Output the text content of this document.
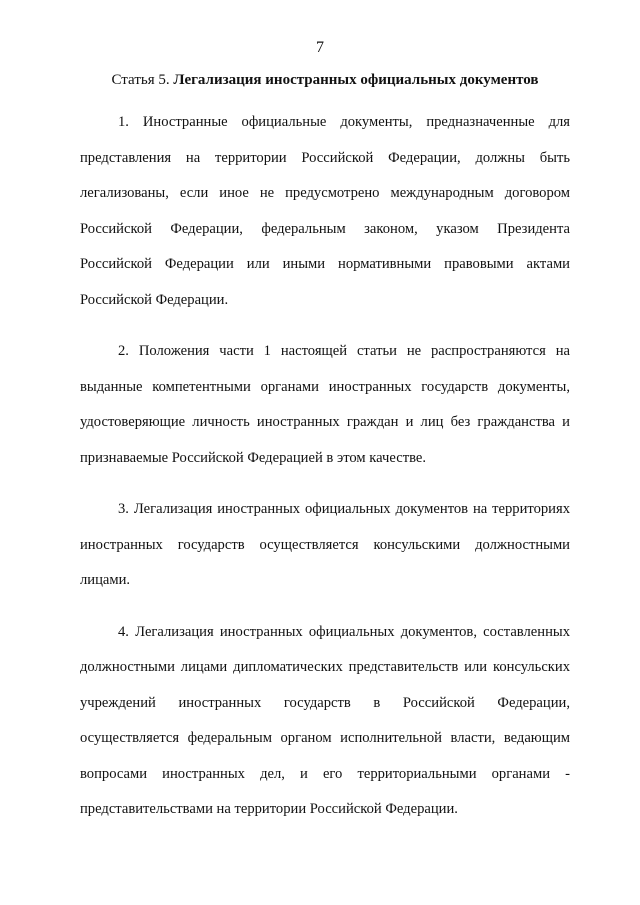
7
Статья 5. Легализация иностранных официальных документов

1. Иностранные официальные документы, предназначенные для представления на территории Российской Федерации, должны быть легализованы, если иное не предусмотрено международным договором Российской Федерации, федеральным законом, указом Президента Российской Федерации или иными нормативными правовыми актами Российской Федерации.

2. Положения части 1 настоящей статьи не распространяются на выданные компетентными органами иностранных государств документы, удостоверяющие личность иностранных граждан и лиц без гражданства и признаваемые Российской Федерацией в этом качестве.

3. Легализация иностранных официальных документов на территориях иностранных государств осуществляется консульскими должностными лицами.

4. Легализация иностранных официальных документов, составленных должностными лицами дипломатических представительств или консульских учреждений иностранных государств в Российской Федерации, осуществляется федеральным органом исполнительной власти, ведающим вопросами иностранных дел, и его территориальными органами - представительствами на территории Российской Федерации.
